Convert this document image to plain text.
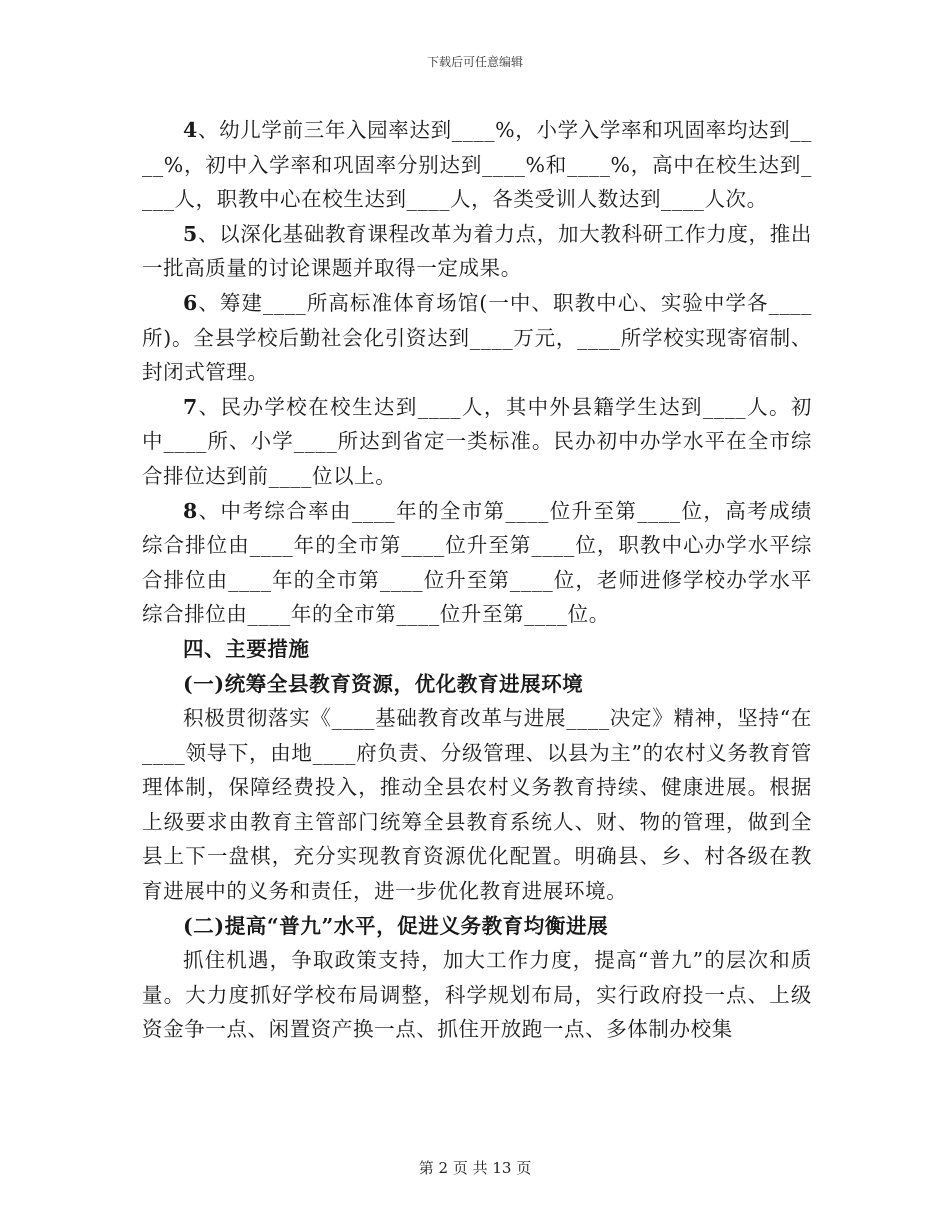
下载后可任意编辑

4、幼儿学前三年入园率达到____%，小学入学率和巩固率均达到____%，初中入学率和巩固率分别达到____%和____%，高中在校生达到____人，职教中心在校生达到____人，各类受训人数达到____人次。

5、以深化基础教育课程改革为着力点，加大教科研工作力度，推出一批高质量的讨论课题并取得一定成果。

6、筹建____所高标准体育场馆(一中、职教中心、实验中学各____所)。全县学校后勤社会化引资达到____万元，____所学校实现寄宿制、封闭式管理。

7、民办学校在校生达到____人，其中外县籍学生达到____人。初中____所、小学____所达到省定一类标准。民办初中办学水平在全市综合排位达到前____位以上。

8、中考综合率由____年的全市第____位升至第____位，高考成绩综合排位由____年的全市第____位升至第____位，职教中心办学水平综合排位由____年的全市第____位升至第____位，老师进修学校办学水平综合排位由____年的全市第____位升至第____位。

四、主要措施

(一)统筹全县教育资源，优化教育进展环境

积极贯彻落实《____基础教育改革与进展____决定》精神，坚持“在____领导下，由地____府负责、分级管理、以县为主”的农村义务教育管理体制，保障经费投入，推动全县农村义务教育持续、健康进展。根据上级要求由教育主管部门统筹全县教育系统人、财、物的管理，做到全县上下一盘棋，充分实现教育资源优化配置。明确县、乡、村各级在教育进展中的义务和责任，进一步优化教育进展环境。

(二)提高“普九”水平，促进义务教育均衡进展

抓住机遇，争取政策支持，加大工作力度，提高“普九”的层次和质量。大力度抓好学校布局调整，科学规划布局，实行政府投一点、上级资金争一点、闲置资产换一点、抓住开放跑一点、多体制办校集

第 2 页 共 13 页
